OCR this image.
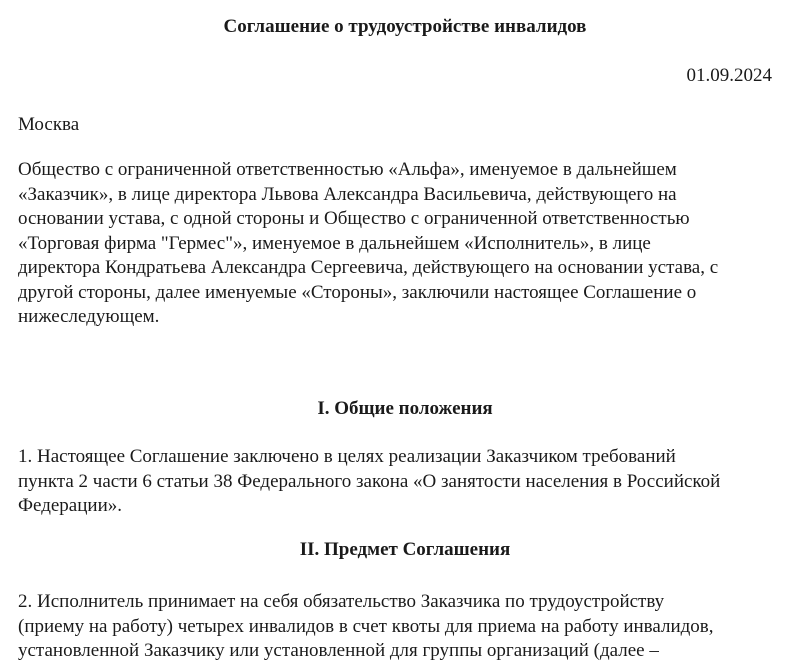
Соглашение о трудоустройстве инвалидов
01.09.2024
Москва

Общество с ограниченной ответственностью «Альфа», именуемое в дальнейшем
«Заказчик», в лице директора Львова Александра Васильевича, действующего на
основании устава, с одной стороны и Общество с ограниченной ответственностью
«Торговая фирма "Гермес"», именуемое в дальнейшем «Исполнитель», в лице
директора Кондратьева Александра Сергеевича, действующего на основании устава, с
другой стороны, далее именуемые «Стороны», заключили настоящее Соглашение о
нижеследующем.

I. Общие положения

1. Настоящее Соглашение заключено в целях реализации Заказчиком требований
пункта 2 части 6 статьи 38 Федерального закона «О занятости населения в Российской
Федерации».

II. Предмет Соглашения

2. Исполнитель принимает на себя обязательство Заказчика по трудоустройству
(приему на работу) четырех инвалидов в счет квоты для приема на работу инвалидов,
установленной Заказчику или установленной для группы организаций (далее –
